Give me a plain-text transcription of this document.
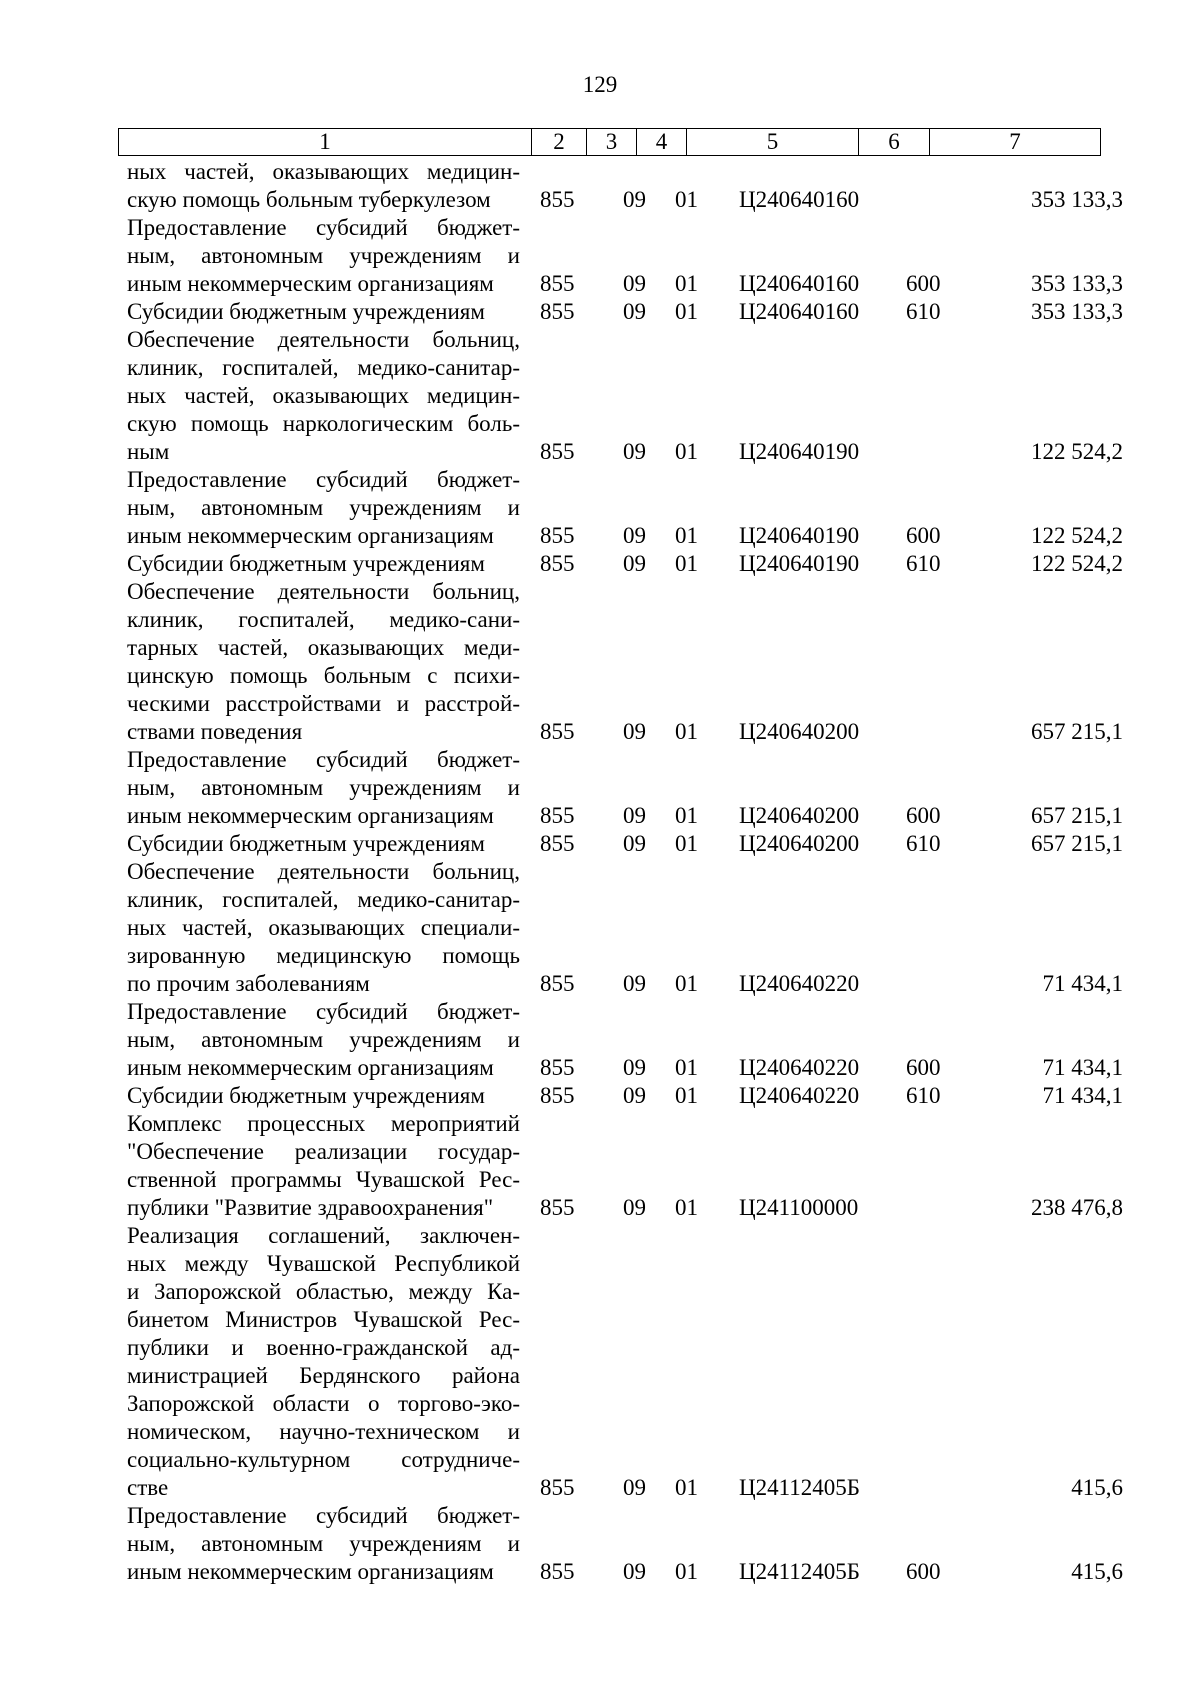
129
1	2	3	4	5	6	7
ных частей, оказывающих медицин-
скую помощь больным туберкулезом	855 09 01 Ц240640160	353 133,3
Предоставление субсидий бюджет-
ным, автономным учреждениям и
иным некоммерческим организациям	855 09 01 Ц240640160 600	353 133,3
Субсидии бюджетным учреждениям	855 09 01 Ц240640160 610	353 133,3
Обеспечение деятельности больниц,
клиник, госпиталей, медико-санитар-
ных частей, оказывающих медицин-
скую помощь наркологическим боль-
ным	855 09 01 Ц240640190	122 524,2
Предоставление субсидий бюджет-
ным, автономным учреждениям и
иным некоммерческим организациям	855 09 01 Ц240640190 600	122 524,2
Субсидии бюджетным учреждениям	855 09 01 Ц240640190 610	122 524,2
Обеспечение деятельности больниц,
клиник, госпиталей, медико-сани-
тарных частей, оказывающих меди-
цинскую помощь больным с психи-
ческими расстройствами и расстрой-
ствами поведения	855 09 01 Ц240640200	657 215,1
Предоставление субсидий бюджет-
ным, автономным учреждениям и
иным некоммерческим организациям	855 09 01 Ц240640200 600	657 215,1
Субсидии бюджетным учреждениям	855 09 01 Ц240640200 610	657 215,1
Обеспечение деятельности больниц,
клиник, госпиталей, медико-санитар-
ных частей, оказывающих специали-
зированную медицинскую помощь
по прочим заболеваниям	855 09 01 Ц240640220	71 434,1
Предоставление субсидий бюджет-
ным, автономным учреждениям и
иным некоммерческим организациям	855 09 01 Ц240640220 600	71 434,1
Субсидии бюджетным учреждениям	855 09 01 Ц240640220 610	71 434,1
Комплекс процессных мероприятий
"Обеспечение реализации государ-
ственной программы Чувашской Рес-
публики "Развитие здравоохранения"	855 09 01 Ц241100000	238 476,8
Реализация соглашений, заключен-
ных между Чувашской Республикой
и Запорожской областью, между Ка-
бинетом Министров Чувашской Рес-
публики и военно-гражданской ад-
министрацией Бердянского района
Запорожской области о торгово-эко-
номическом, научно-техническом и
социально-культурном сотрудниче-
стве	855 09 01 Ц24112405Б	415,6
Предоставление субсидий бюджет-
ным, автономным учреждениям и
иным некоммерческим организациям	855 09 01 Ц24112405Б 600	415,6
